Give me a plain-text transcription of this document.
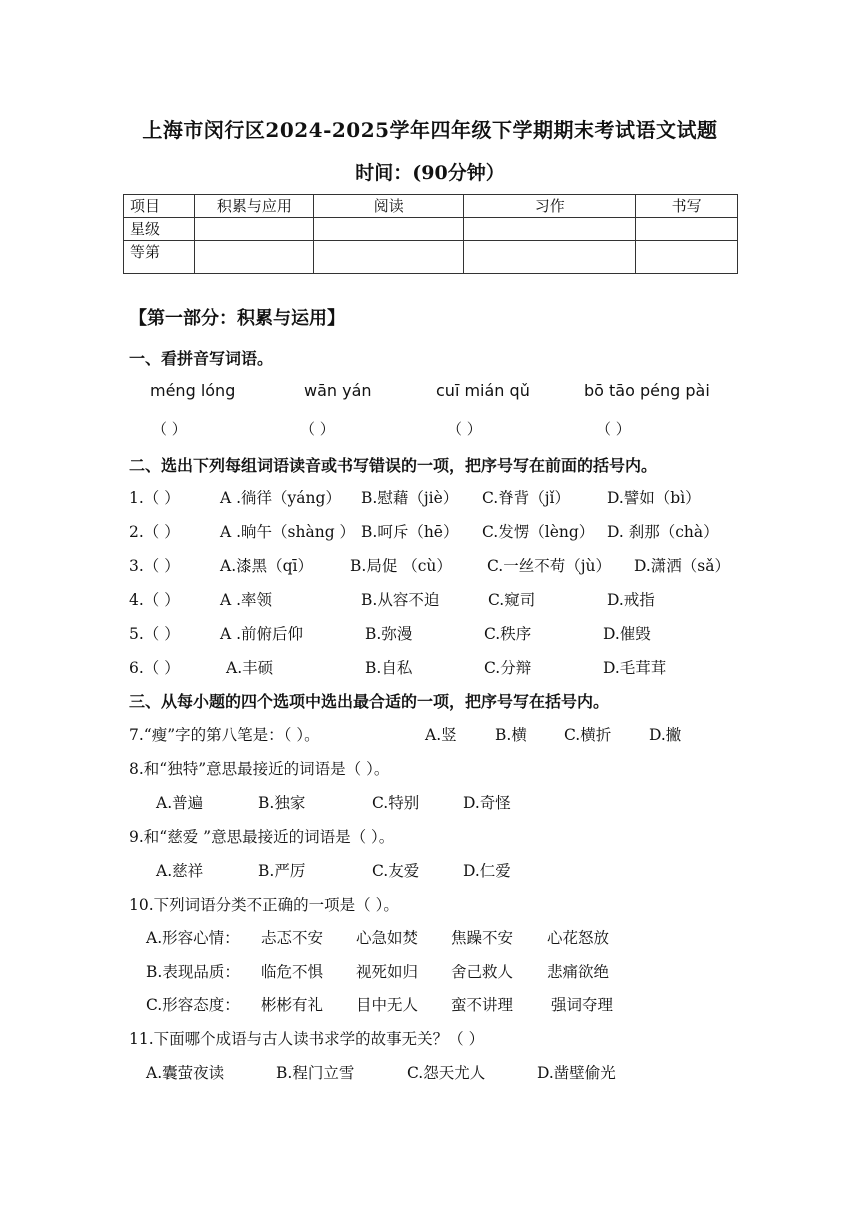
上海市闵行区2024-2025学年四年级下学期期末考试语文试题
时间：(90分钟）
项目	积累与应用	阅读	习作	书写
星级				
等第				
【第一部分：积累与运用】
一、看拼音写词语。
méng lóng	wān yán	cuī mián qǔ	bō tāo péng pài
（ ）	（ ）	（ ）	（ ）
二、选出下列每组词语读音或书写错误的一项，把序号写在前面的括号内。
1.（ ）	A .徜徉（yáng） B.慰藉（jiè） C.脊背（jǐ） D.譬如（bì）
2.（ ）	A .晌午（shàng ） B.呵斥（hē） C.发愣（lèng） D. 刹那（chà）
3.（ ）	A.漆黑（qī） B.局促 （cù） C.一丝不苟（jù） D.潇洒（sǎ）
4.（ ）	A .率领	B.从容不迫	C.窥司	D.戒指
5.（ ）	A .前俯后仰	B.弥漫	C.秩序	D.催毁
6.（ ）	A.丰硕	B.自私	C.分辩	D.毛茸茸
三、从每小题的四个选项中选出最合适的一项，把序号写在括号内。
7.“瘦”字的第八笔是：（ ）。	A.竖 B.横 C.横折 D.撇
8.和“独特”意思最接近的词语是（ ）。
A.普遍	B.独家	C.特别	D.奇怪
9.和“慈爱 ”意思最接近的词语是（ ）。
A.慈祥	B.严厉	C.友爱	D.仁爱
10.下列词语分类不正确的一项是（ ）。
A.形容心情： 忐忑不安 心急如焚 焦躁不安 心花怒放
B.表现品质： 临危不惧 视死如归 舍己救人 悲痛欲绝
C.形容态度： 彬彬有礼 目中无人 蛮不讲理 强词夺理
11.下面哪个成语与古人读书求学的故事无关？（ ）
A.囊萤夜读	B.程门立雪	C.怨天尤人	D.凿壁偷光
